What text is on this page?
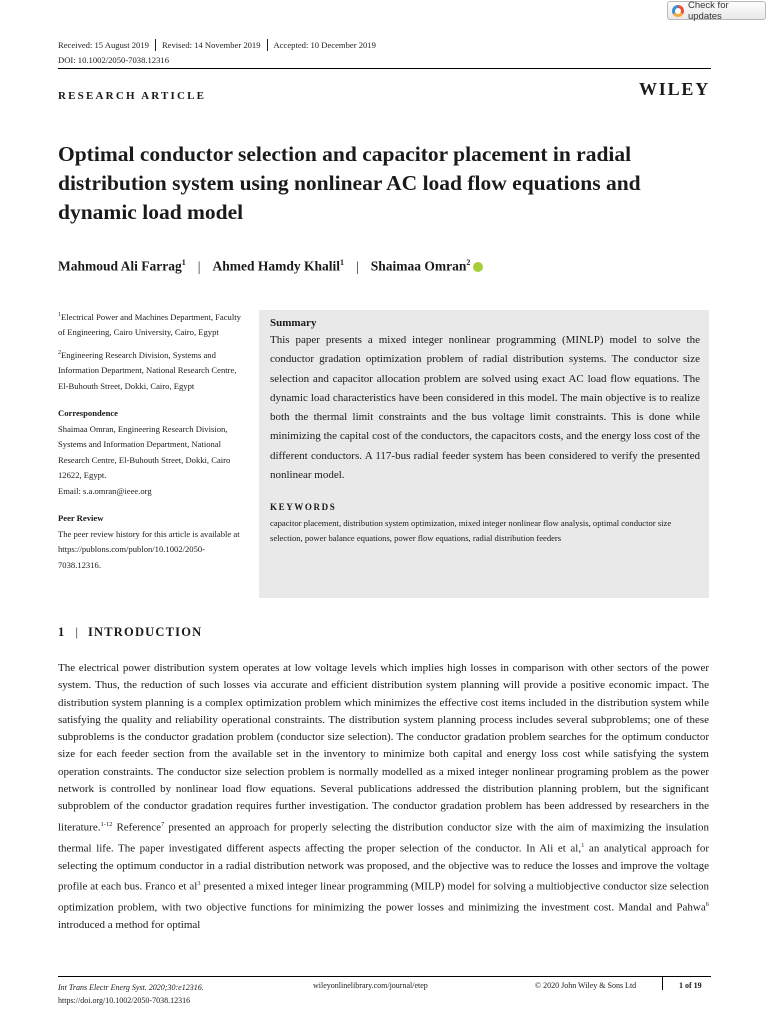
Check for updates
Received: 15 August 2019 Revised: 14 November 2019 Accepted: 10 December 2019
DOI: 10.1002/2050-7038.12316
RESEARCH ARTICLE	WILEY
Optimal conductor selection and capacitor placement in radial distribution system using nonlinear AC load flow equations and dynamic load model
Mahmoud Ali Farrag$^1$ | Ahmed Hamdy Khalil$^1$ | Shaimaa Omran$^2$

$^1$Electrical Power and Machines Department, Faculty of Engineering, Cairo University, Cairo, Egypt

$^2$Engineering Research Division, Systems and Information Department, National Research Centre, El-Buhouth Street, Dokki, Cairo, Egypt

Correspondence

Shaimaa Omran, Engineering Research Division, Systems and Information Department, National Research Centre, El-Buhouth Street, Dokki, Cairo 12622, Egypt.

Email: s.a.omran@ieee.org

Peer Review

The peer review history for this article is available at https://publons.com/publon/10.1002/2050-7038.12316.

Summary

This paper presents a mixed integer nonlinear programming (MINLP) model to solve the conductor gradation optimization problem of radial distribution systems. The conductor size selection and capacitor allocation problem are solved using exact AC load flow equations. The dynamic load characteristics have been considered in this model. The main objective is to realize both the thermal limit constraints and the bus voltage limit constraints. This is done while minimizing the capital cost of the conductors, the capacitors costs, and the energy loss cost of the different conductors. A 117-bus radial feeder system has been considered to verify the presented nonlinear model.

KEYWORDS

capacitor placement, distribution system optimization, mixed integer nonlinear flow analysis, optimal conductor size selection, power balance equations, power flow equations, radial distribution feeders

1 | INTRODUCTION

The electrical power distribution system operates at low voltage levels which implies high losses in comparison with other sectors of the power system. Thus, the reduction of such losses via accurate and efficient distribution system planning will provide a positive economic impact. The distribution system planning is a complex optimization problem which minimizes the effective cost items included in the distribution system while satisfying the quality and reliability operational constraints. The distribution system planning process includes several subproblems; one of these subproblems is the conductor gradation problem (conductor size selection). The conductor gradation problem searches for the optimum conductor size for each feeder section from the available set in the inventory to minimize both capital and energy loss cost while satisfying the system operation constraints. The conductor size selection problem is normally modelled as a mixed integer nonlinear programing problem as the power network is controlled by nonlinear load flow equations. Several publications addressed the distribution planning problem, but the significant subproblem of the conductor gradation requires further investigation. The conductor gradation problem has been addressed by researchers in the literature.$^{1-12}$ Reference$^7$ presented an approach for properly selecting the distribution conductor size with the aim of maximizing the insulation thermal life. The paper investigated different aspects affecting the proper selection of the conductor. In Ali et al,$^1$ an analytical approach for selecting the optimum conductor in a radial distribution network was proposed, and the objective was to reduce the losses and improve the voltage profile at each bus. Franco et $al^3$ presented a mixed integer linear programming (MILP) model for solving a multiobjective conductor size selection optimization problem, with two objective functions for minimizing the power losses and minimizing the investment cost. Mandal and Pahwa$^6$ introduced a method for optimal

Int Trans Electr Energ Syst. 2020;30:e12316.
https://doi.org/10.1002/2050-7038.12316
wileyonlinelibrary.com/journal/etep	© 2020 John Wiley & Sons Ltd	1 of 19
